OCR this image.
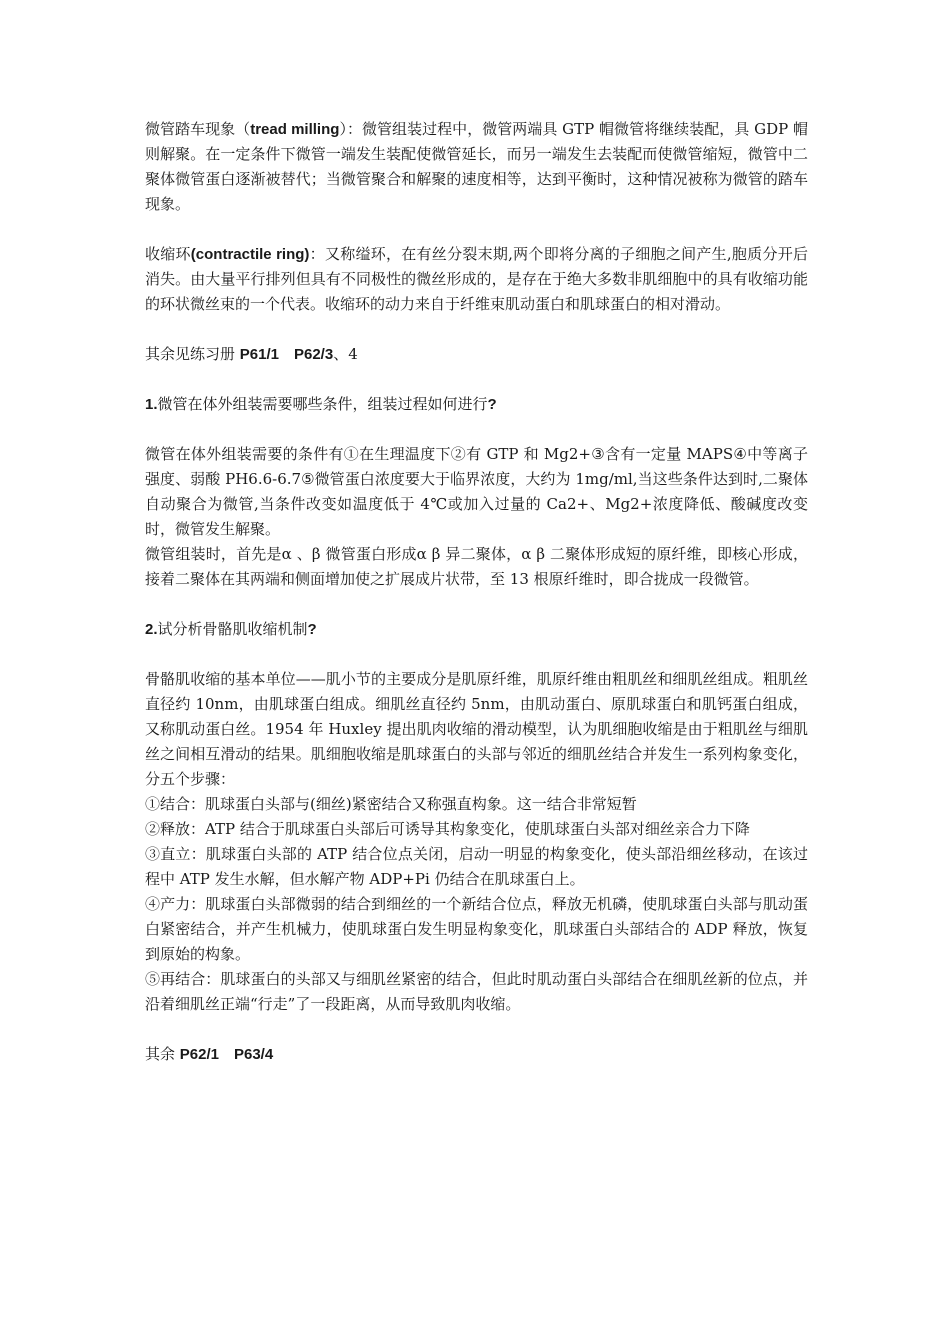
微管踏车现象（tread milling）：微管组装过程中，微管两端具 GTP 帽微管将继续装配，具 GDP 帽则解聚。在一定条件下微管一端发生装配使微管延长，而另一端发生去装配而使微管缩短，微管中二聚体微管蛋白逐渐被替代；当微管聚合和解聚的速度相等，达到平衡时，这种情况被称为微管的踏车现象。

收缩环(contractile ring)：又称缢环，在有丝分裂末期,两个即将分离的子细胞之间产生,胞质分开后消失。由大量平行排列但具有不同极性的微丝形成的，是存在于绝大多数非肌细胞中的具有收缩功能的环状微丝束的一个代表。收缩环的动力来自于纤维束肌动蛋白和肌球蛋白的相对滑动。

其余见练习册 P61/1　P62/3、4

1.微管在体外组装需要哪些条件，组装过程如何进行?

微管在体外组装需要的条件有①在生理温度下②有 GTP 和 Mg2+③含有一定量 MAPS④中等离子强度、弱酸 PH6.6-6.7⑤微管蛋白浓度要大于临界浓度，大约为 1mg/ml,当这些条件达到时,二聚体自动聚合为微管,当条件改变如温度低于 4℃或加入过量的 Ca2+、Mg2+浓度降低、酸碱度改变时，微管发生解聚。

微管组装时，首先是α 、β 微管蛋白形成α β 异二聚体，α β 二聚体形成短的原纤维，即核心形成，接着二聚体在其两端和侧面增加使之扩展成片状带，至 13 根原纤维时，即合拢成一段微管。

2.试分析骨骼肌收缩机制?

骨骼肌收缩的基本单位——肌小节的主要成分是肌原纤维，肌原纤维由粗肌丝和细肌丝组成。粗肌丝直径约 10nm，由肌球蛋白组成。细肌丝直径约 5nm，由肌动蛋白、原肌球蛋白和肌钙蛋白组成，又称肌动蛋白丝。1954 年 Huxley 提出肌肉收缩的滑动模型，认为肌细胞收缩是由于粗肌丝与细肌丝之间相互滑动的结果。肌细胞收缩是肌球蛋白的头部与邻近的细肌丝结合并发生一系列构象变化，分五个步骤：

①结合：肌球蛋白头部与(细丝)紧密结合又称强直构象。这一结合非常短暂

②释放：ATP 结合于肌球蛋白头部后可诱导其构象变化，使肌球蛋白头部对细丝亲合力下降

③直立：肌球蛋白头部的 ATP 结合位点关闭，启动一明显的构象变化，使头部沿细丝移动，在该过程中 ATP 发生水解，但水解产物 ADP+Pi 仍结合在肌球蛋白上。

④产力：肌球蛋白头部微弱的结合到细丝的一个新结合位点，释放无机磷，使肌球蛋白头部与肌动蛋白紧密结合，并产生机械力，使肌球蛋白发生明显构象变化，肌球蛋白头部结合的 ADP 释放，恢复到原始的构象。

⑤再结合：肌球蛋白的头部又与细肌丝紧密的结合，但此时肌动蛋白头部结合在细肌丝新的位点，并沿着细肌丝正端“行走”了一段距离，从而导致肌肉收缩。

其余 P62/1　P63/4
